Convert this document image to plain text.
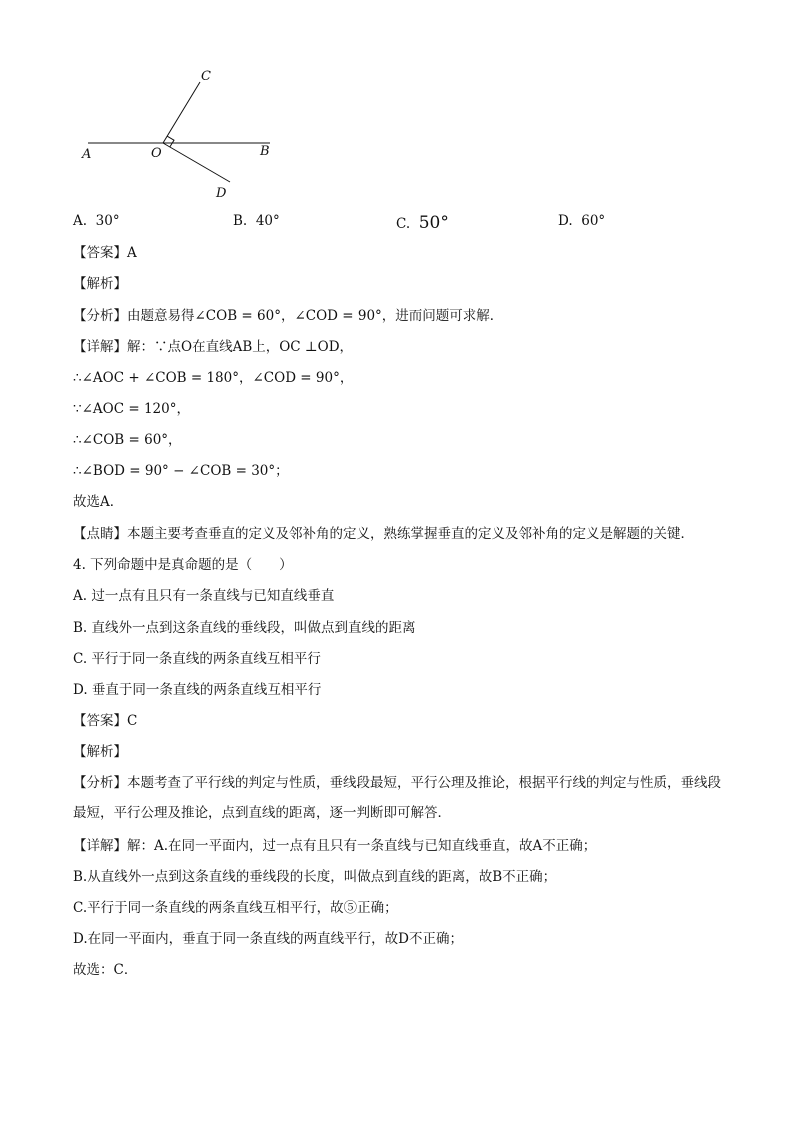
C
A	O	B
D
A. 30°	B. 40°	C. 50°	D. 60°
【答案】A
【解析】
【分析】由题意易得∠COB = 60°，∠COD = 90°，进而问题可求解．
【详解】解：∵点O在直线AB上，OC ⊥OD，
∴∠AOC + ∠COB = 180°，∠COD = 90°，
∵∠AOC = 120°，
∴∠COB = 60°，
∴∠BOD = 90° − ∠COB = 30°；
故选A．
【点睛】本题主要考查垂直的定义及邻补角的定义，熟练掌握垂直的定义及邻补角的定义是解题的关键．
4. 下列命题中是真命题的是（　　）
A. 过一点有且只有一条直线与已知直线垂直
B. 直线外一点到这条直线的垂线段，叫做点到直线的距离
C. 平行于同一条直线的两条直线互相平行
D. 垂直于同一条直线的两条直线互相平行
【答案】C
【解析】
【分析】本题考查了平行线的判定与性质，垂线段最短，平行公理及推论，根据平行线的判定与性质，垂线段最短，平行公理及推论，点到直线的距离，逐一判断即可解答．
【详解】解：A.在同一平面内，过一点有且只有一条直线与已知直线垂直，故A不正确；
B.从直线外一点到这条直线的垂线段的长度，叫做点到直线的距离，故B不正确；
C.平行于同一条直线的两条直线互相平行，故⑤正确；
D.在同一平面内，垂直于同一条直线的两直线平行，故D不正确；
故选：C．
